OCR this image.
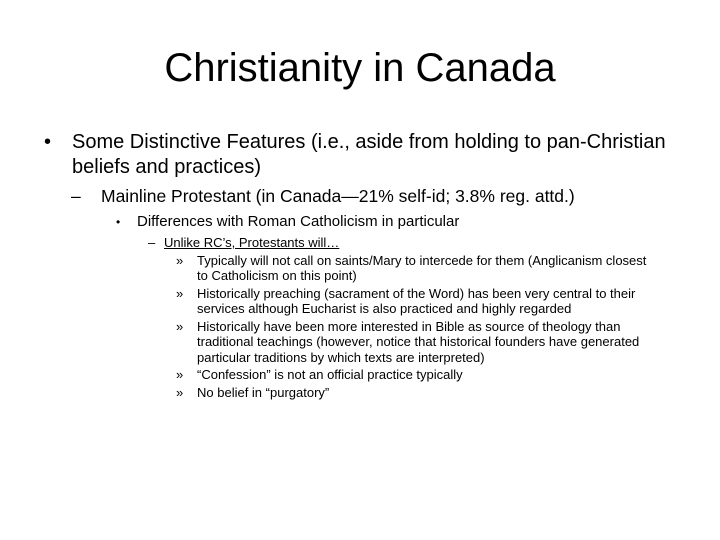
Christianity in Canada
• Some Distinctive Features (i.e., aside from holding to pan-Christian beliefs and practices)
– Mainline Protestant (in Canada—21% self-id; 3.8% reg. attd.)
• Differences with Roman Catholicism in particular
– Unlike RC’s, Protestants will…
» Typically will not call on saints/Mary to intercede for them (Anglicanism closest to Catholicism on this point)
» Historically preaching (sacrament of the Word) has been very central to their services although Eucharist is also practiced and highly regarded
» Historically have been more interested in Bible as source of theology than traditional teachings (however, notice that historical founders have generated particular traditions by which texts are interpreted)
» “Confession” is not an official practice typically
» No belief in “purgatory”
